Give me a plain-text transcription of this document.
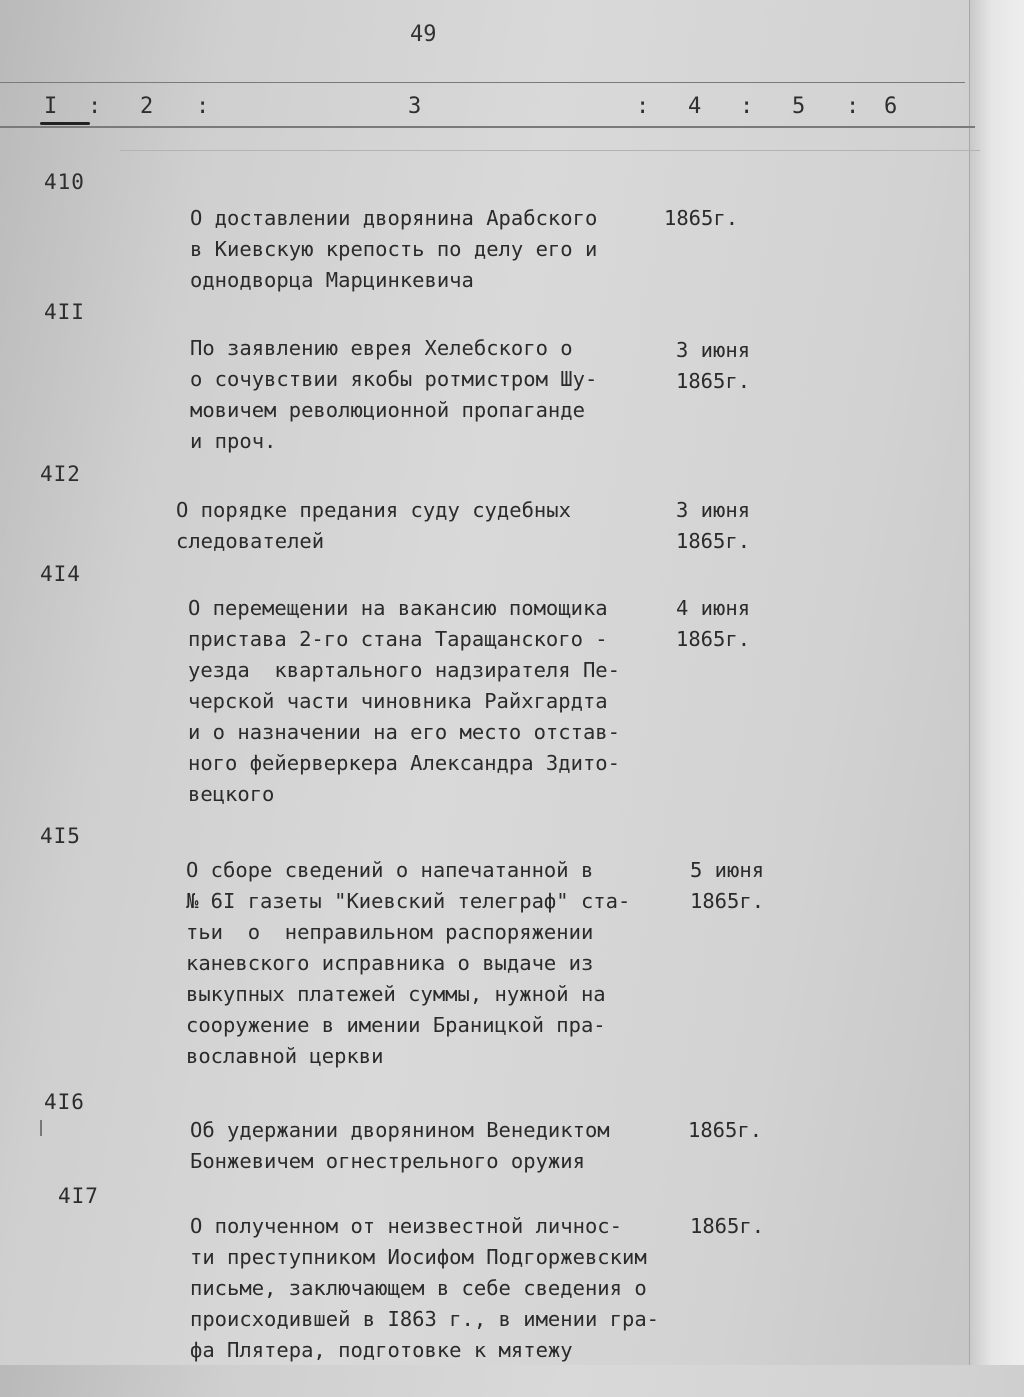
49
I : 2 :	3	: 4 : 5 : 6
410

О доставлении дворянина Арабского
в Киевскую крепость по делу его и
однодворца Марцинкевича

1865г.

4II

По заявлению еврея Хелебского о
о сочувствии якобы ротмистром Шу-
мовичем революционной пропаганде
и проч.

3 июня
1865г.

4I2

О порядке предания суду судебных
следователей

3 июня
1865г.

4I4

О перемещении на вакансию помощика
пристава 2-го стана Таращанского -
уезда  квартального надзирателя Пе-
черской части чиновника Райхгардта
и о назначении на его место отстав-
ного фейерверкера Александра Здито-
вецкого

4 июня
1865г.

4I5

О сборе сведений о напечатанной в
№ 6I газеты "Киевский телеграф" ста-
тьи  о  неправильном распоряжении
каневского исправника о выдаче из
выкупных платежей суммы, нужной на
сооружение в имении Браницкой пра-
вославной церкви

5 июня
1865г.

4I6

Об удержании дворянином Венедиктом
Бонжевичем огнестрельного оружия

1865г.

4I7

О полученном от неизвестной личнос-
ти преступником Иосифом Подгоржевским
письме, заключающем в себе сведения о
происходившей в I863 г., в имении гра-
фа Плятера, подготовке к мятежу

1865г.
